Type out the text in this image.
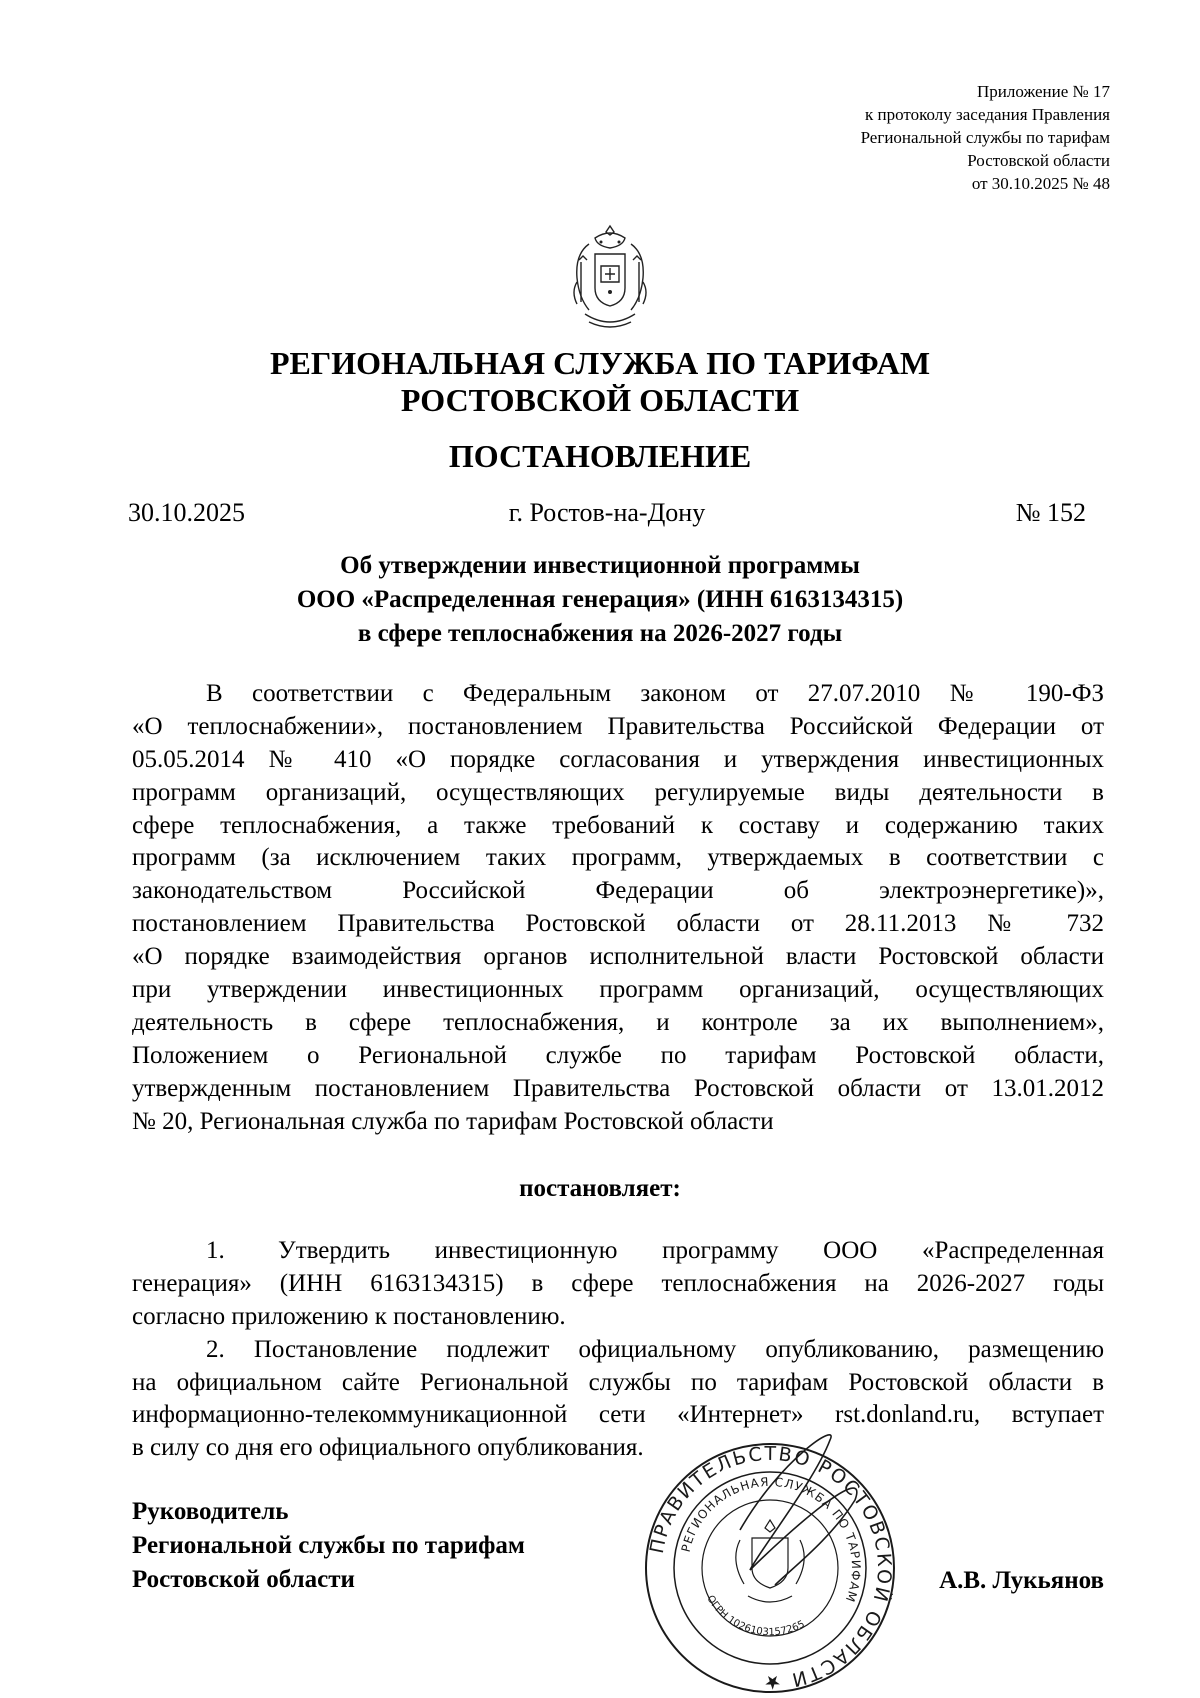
Приложение № 17
к протоколу заседания Правления
Региональной службы по тарифам
Ростовской области
от 30.10.2025 № 48
РЕГИОНАЛЬНАЯ СЛУЖБА ПО ТАРИФАМ
РОСТОВСКОЙ ОБЛАСТИ
ПОСТАНОВЛЕНИЕ
г. Ростов-на-Дону
30.10.2025	№ 152
Об утверждении инвестиционной программы
ООО «Распределенная генерация» (ИНН 6163134315)
в сфере теплоснабжения на 2026-2027 годы
В соответствии с Федеральным законом от 27.07.2010 № 190-ФЗ
«О теплоснабжении», постановлением Правительства Российской Федерации от
05.05.2014 № 410 «О порядке согласования и утверждения инвестиционных
программ организаций, осуществляющих регулируемые виды деятельности в
сфере теплоснабжения, а также требований к составу и содержанию таких
программ (за исключением таких программ, утверждаемых в соответствии с
законодательством Российской Федерации об электроэнергетике)»,
постановлением Правительства Ростовской области от 28.11.2013 № 732
«О порядке взаимодействия органов исполнительной власти Ростовской области
при утверждении инвестиционных программ организаций, осуществляющих
деятельность в сфере теплоснабжения, и контроле за их выполнением»,
Положением о Региональной службе по тарифам Ростовской области,
утвержденным постановлением Правительства Ростовской области от 13.01.2012
№ 20, Региональная служба по тарифам Ростовской области
постановляет:
1. Утвердить инвестиционную программу ООО «Распределенная
генерация» (ИНН 6163134315) в сфере теплоснабжения на 2026-2027 годы
согласно приложению к постановлению.
2. Постановление подлежит официальному опубликованию, размещению
на официальном сайте Региональной службы по тарифам Ростовской области в
информационно-телекоммуникационной сети «Интернет» rst.donland.ru, вступает
в силу со дня его официального опубликования.
Руководитель
Региональной службы по тарифам
Ростовской области
ПРАВИТЕЛЬСТВО РОСТОВСКОЙ ОБЛАСТИ ★
РЕГИОНАЛЬНАЯ СЛУЖБА ПО ТАРИФАМ
ОГРН 1026103157265
А.В. Лукьянов
